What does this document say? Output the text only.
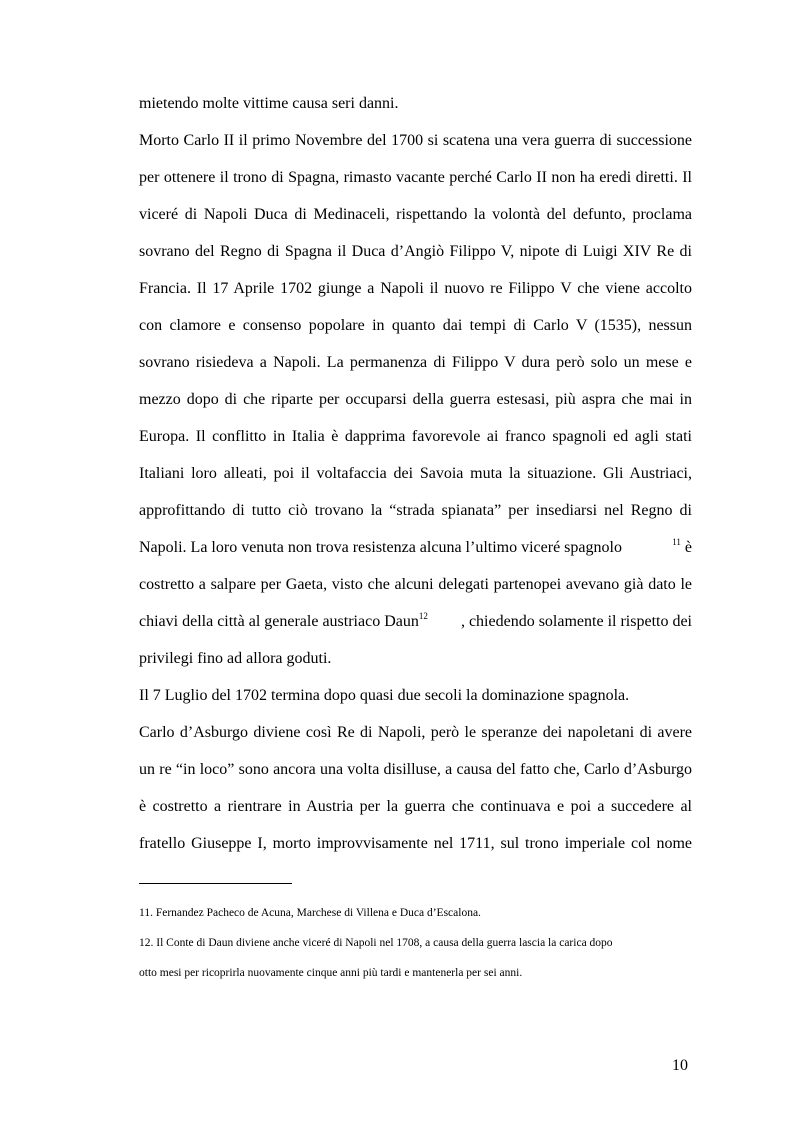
mietendo molte vittime causa seri danni.
Morto Carlo II il primo Novembre del 1700 si scatena una vera guerra di successione
per ottenere il trono di Spagna, rimasto vacante perché Carlo II non ha eredi diretti. Il
viceré di Napoli Duca di Medinaceli, rispettando la volontà del defunto, proclama
sovrano del Regno di Spagna il Duca d’Angiò Filippo V, nipote di Luigi XIV Re di
Francia. Il 17 Aprile 1702 giunge a Napoli il nuovo re Filippo V che viene accolto
con clamore e consenso popolare in quanto dai tempi di Carlo V (1535), nessun
sovrano risiedeva a Napoli. La permanenza di Filippo V dura però solo un mese e
mezzo dopo di che riparte per occuparsi della guerra estesasi, più aspra che mai in
Europa. Il conflitto in Italia è dapprima favorevole ai franco spagnoli ed agli stati
Italiani loro alleati, poi il voltafaccia dei Savoia muta la situazione. Gli Austriaci,
approfittando di tutto ciò trovano la “strada spianata” per insediarsi nel Regno di
Napoli. La loro venuta non trova resistenza alcuna l’ultimo viceré spagnolo	$^{11}$ è
costretto a salpare per Gaeta, visto che alcuni delegati partenopei avevano già dato le
chiavi della città al generale austriaco Daun$^{12}$ , chiedendo solamente il rispetto dei
privilegi fino ad allora goduti.
Il 7 Luglio del 1702 termina dopo quasi due secoli la dominazione spagnola.
Carlo d’Asburgo diviene così Re di Napoli, però le speranze dei napoletani di avere
un re “in loco” sono ancora una volta disilluse, a causa del fatto che, Carlo d’Asburgo
è costretto a rientrare in Austria per la guerra che continuava e poi a succedere al
fratello Giuseppe I, morto improvvisamente nel 1711, sul trono imperiale col nome
11. Fernandez Pacheco de Acuna, Marchese di Villena e Duca d’Escalona.
12. Il Conte di Daun diviene anche viceré di Napoli nel 1708, a causa della guerra lascia la carica dopo
otto mesi per ricoprirla nuovamente cinque anni più tardi e mantenerla per sei anni.
10
